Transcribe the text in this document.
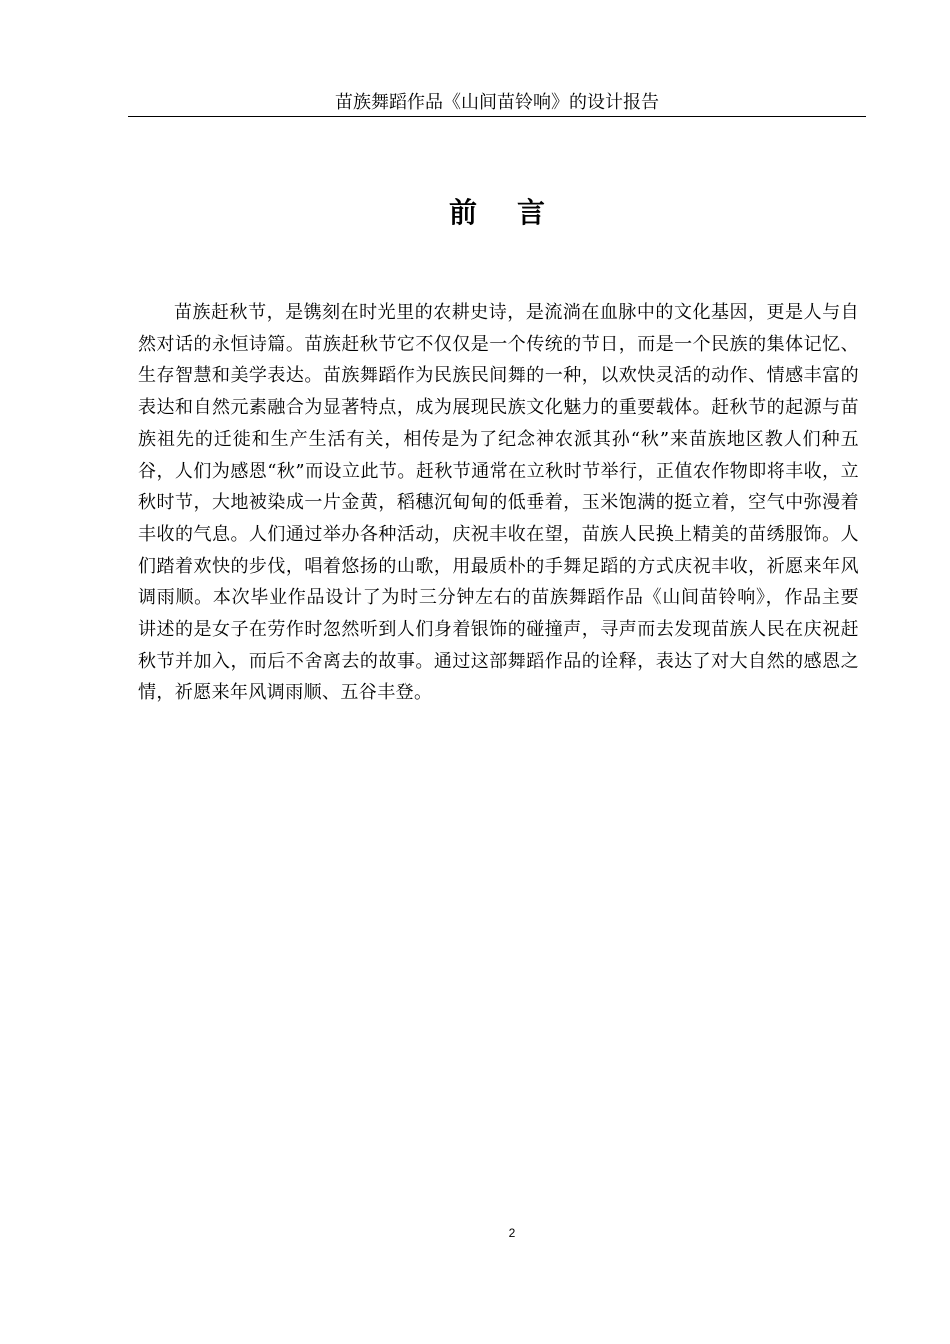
苗族舞蹈作品《山间苗铃响》的设计报告
前言

苗族赶秋节，是镌刻在时光里的农耕史诗，是流淌在血脉中的文化基因，更是人与自然对话的永恒诗篇。苗族赶秋节它不仅仅是一个传统的节日，而是一个民族的集体记忆、生存智慧和美学表达。苗族舞蹈作为民族民间舞的一种，以欢快灵活的动作、情感丰富的表达和自然元素融合为显著特点，成为展现民族文化魅力的重要载体。赶秋节的起源与苗族祖先的迁徙和生产生活有关，相传是为了纪念神农派其孙“秋”来苗族地区教人们种五谷，人们为感恩“秋”而设立此节。赶秋节通常在立秋时节举行，正值农作物即将丰收，立秋时节，大地被染成一片金黄，稻穗沉甸甸的低垂着，玉米饱满的挺立着，空气中弥漫着丰收的气息。人们通过举办各种活动，庆祝丰收在望，苗族人民换上精美的苗绣服饰。人们踏着欢快的步伐，唱着悠扬的山歌，用最质朴的手舞足蹈的方式庆祝丰收，祈愿来年风调雨顺。本次毕业作品设计了为时三分钟左右的苗族舞蹈作品《山间苗铃响》，作品主要讲述的是女子在劳作时忽然听到人们身着银饰的碰撞声，寻声而去发现苗族人民在庆祝赶秋节并加入，而后不舍离去的故事。通过这部舞蹈作品的诠释，表达了对大自然的感恩之情，祈愿来年风调雨顺、五谷丰登。

2
